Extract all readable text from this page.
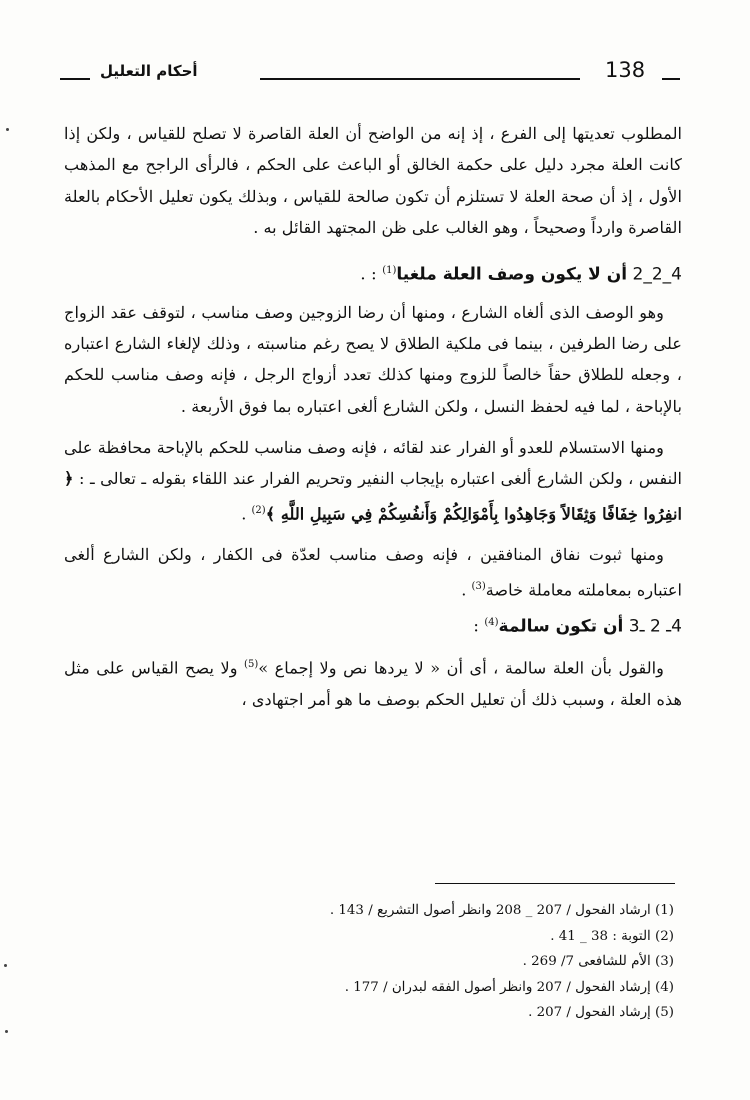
أحكام التعليل	138

المطلوب تعديتها إلى الفرع ، إذ إنه من الواضح أن العلة القاصرة لا تصلح للقياس ، ولكن إذا كانت العلة مجرد دليل على حكمة الخالق أو الباعث على الحكم ، فالرأى الراجح مع المذهب الأول ، إذ أن صحة العلة لا تستلزم أن تكون صالحة للقياس ، وبذلك يكون تعليل الأحكام بالعلة القاصرة وارداً وصحيحاً ، وهو الغالب على ظن المجتهد القائل به .

4_2_2 أن لا يكون وصف العلة ملغيا$^{(1)}$ : .

وهو الوصف الذى ألغاه الشارع ، ومنها أن رضا الزوجين وصف مناسب ، لتوقف عقد الزواج على رضا الطرفين ، بينما فى ملكية الطلاق لا يصح رغم مناسبته ، وذلك لإلغاء الشارع اعتباره ، وجعله للطلاق حقاً خالصاً للزوج ومنها كذلك تعدد أزواج الرجل ، فإنه وصف مناسب للحكم بالإباحة ، لما فيه لحفظ النسل ، ولكن الشارع ألغى اعتباره بما فوق الأربعة .

ومنها الاستسلام للعدو أو الفرار عند لقائه ، فإنه وصف مناسب للحكم بالإباحة محافظة على النفس ، ولكن الشارع ألغى اعتباره بإيجاب النفير وتحريم الفرار عند اللقاء بقوله ـ تعالى ـ : ﴿ انفِرُوا خِفَافًا وَثِقَالاً وَجَاهِدُوا بِأَمْوَالِكُمْ وَأَنفُسِكُمْ فِي سَبِيلِ اللَّهِ ﴾$^{(2)}$ .

ومنها ثبوت نفاق المنافقين ، فإنه وصف مناسب لعدّة فى الكفار ، ولكن الشارع ألغى اعتباره بمعاملته معاملة خاصة$^{(3)}$ .

4ـ 2 ـ3 أن تكون سالمة$^{(4)}$ :

والقول بأن العلة سالمة ، أى أن « لا يردها نص ولا إجماع »$^{(5)}$ ولا يصح القياس على مثل هذه العلة ، وسبب ذلك أن تعليل الحكم بوصف ما هو أمر اجتهادى ،

(1) ارشاد الفحول / 207 _ 208 وانظر أصول التشريع / 143 .

(2) التوبة : 38 _ 41 .

(3) الأم للشافعى 7/ 269 .

(4) إرشاد الفحول / 207 وانظر أصول الفقه لبدران / 177 .

(5) إرشاد الفحول / 207 .
